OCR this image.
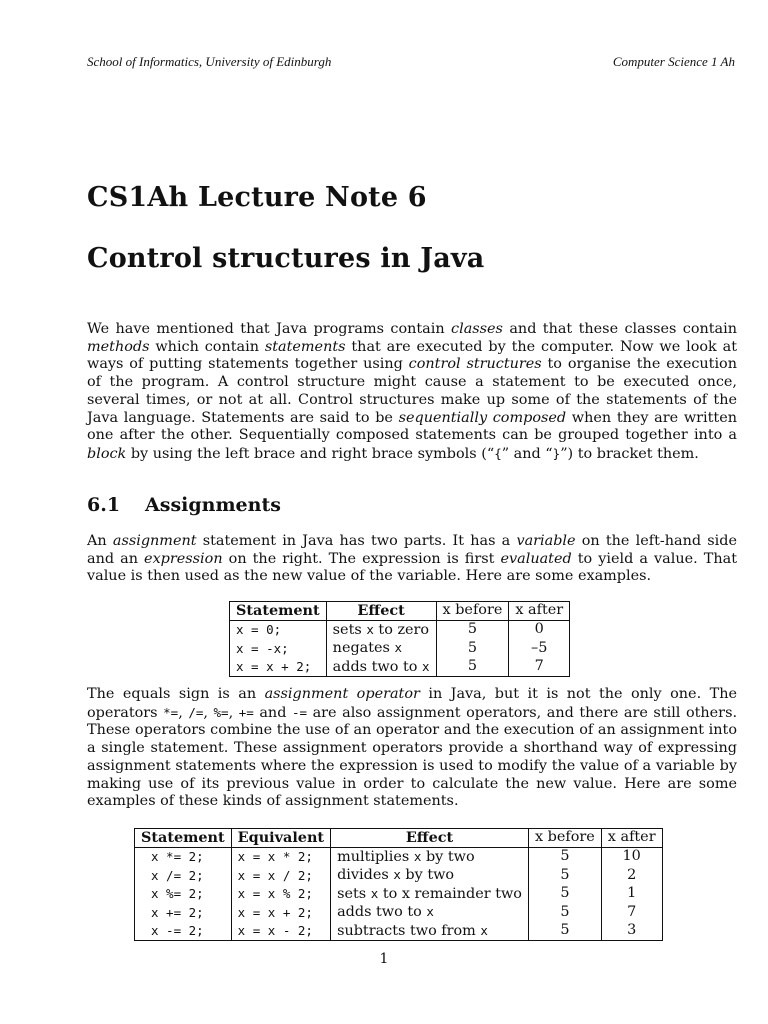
School of Informatics, University of Edinburgh	Computer Science 1 Ah
CS1Ah Lecture Note 6
Control structures in Java
We have mentioned that Java programs contain classes and that these classes contain methods which contain statements that are executed by the computer. Now we look at ways of putting statements together using control structures to organise the execution of the program. A control structure might cause a statement to be executed once, several times, or not at all. Control structures make up some of the statements of the Java language. Statements are said to be sequentially composed when they are written one after the other. Sequentially composed statements can be grouped together into a block by using the left brace and right brace symbols (“{” and “}”) to bracket them.
6.1 Assignments
An assignment statement in Java has two parts. It has a variable on the left-hand side and an expression on the right. The expression is first evaluated to yield a value. That value is then used as the new value of the variable. Here are some examples.
Statement	Effect	x before	x after
x = 0;	sets x to zero	5	0
x = -x;	negates x	5	–5
x = x + 2;	adds two to x	5	7
The equals sign is an assignment operator in Java, but it is not the only one. The operators *=, /=, %=, += and -= are also assignment operators, and there are still others. These operators combine the use of an operator and the execution of an assignment into a single statement. These assignment operators provide a shorthand way of expressing assignment statements where the expression is used to modify the value of a variable by making use of its previous value in order to calculate the new value. Here are some examples of these kinds of assignment statements.
Statement	Equivalent	Effect	x before	x after
x *= 2;	x = x * 2;	multiplies x by two	5	10
x /= 2;	x = x / 2;	divides x by two	5	2
x %= 2;	x = x % 2;	sets x to x remainder two	5	1
x += 2;	x = x + 2;	adds two to x	5	7
x -= 2;	x = x - 2;	subtracts two from x	5	3
1
